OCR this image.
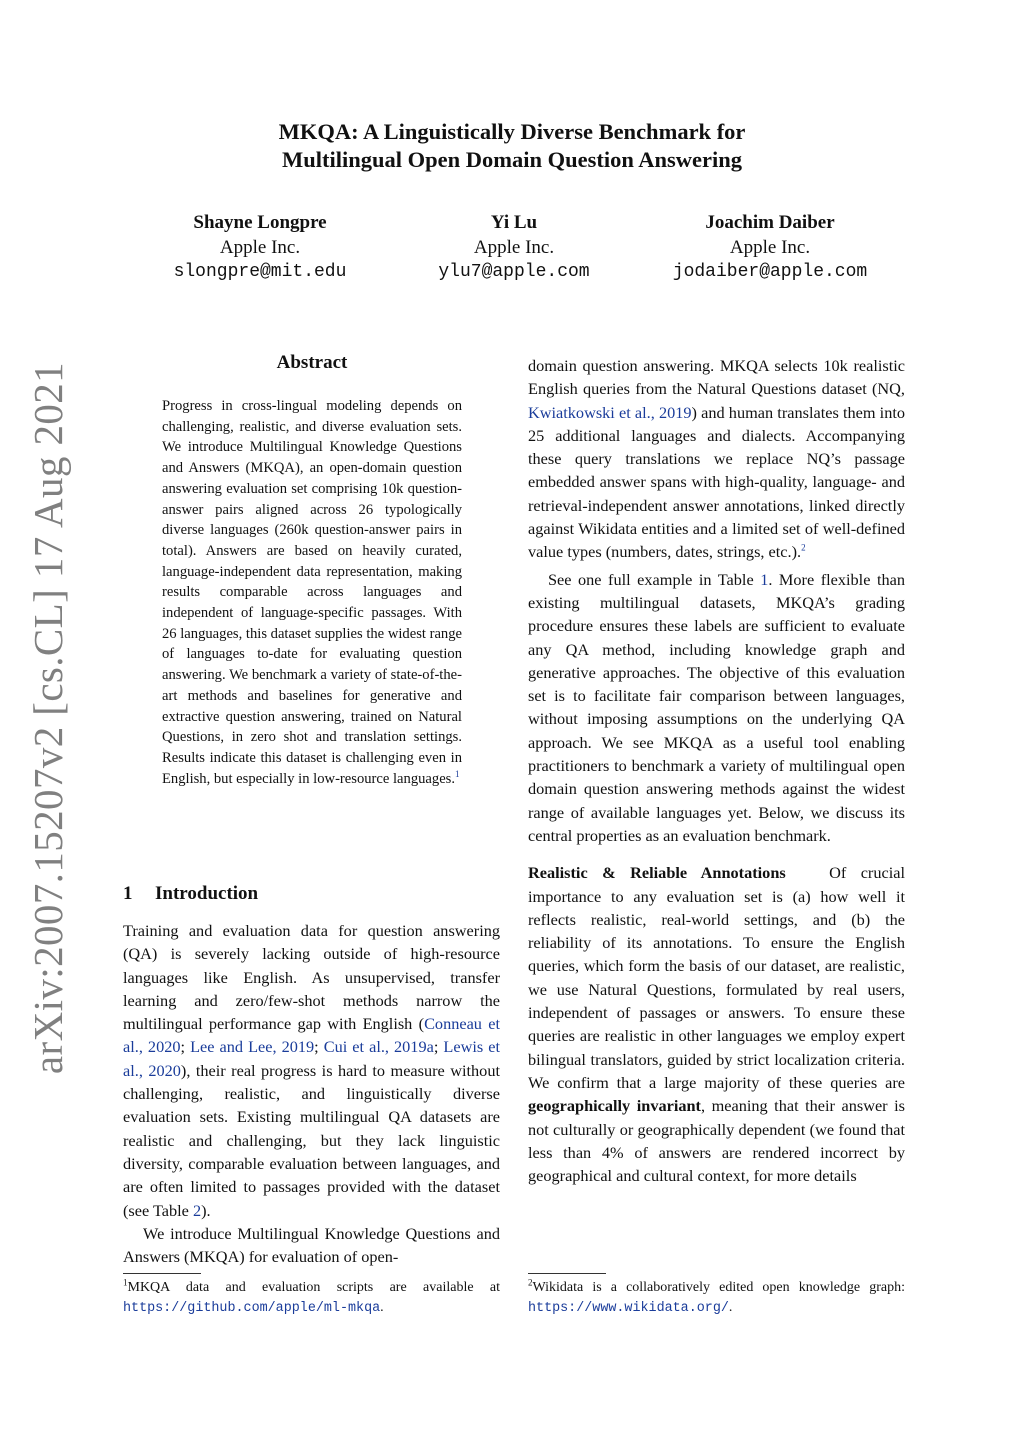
arXiv:2007.15207v2 [cs.CL] 17 Aug 2021
MKQA: A Linguistically Diverse Benchmark for
Multilingual Open Domain Question Answering
Shayne Longpre
Apple Inc.
slongpre@mit.edu
Yi Lu
Apple Inc.
ylu7@apple.com
Joachim Daiber
Apple Inc.
jodaiber@apple.com
Abstract
Progress in cross-lingual modeling depends on challenging, realistic, and diverse evaluation sets. We introduce Multilingual Knowledge Questions and Answers (MKQA), an open-domain question answering evaluation set comprising 10k question-answer pairs aligned across 26 typologically diverse languages (260k question-answer pairs in total). Answers are based on heavily curated, language-independent data representation, making results comparable across languages and independent of language-specific passages. With 26 languages, this dataset supplies the widest range of languages to-date for evaluating question answering. We benchmark a variety of state-of-the-art methods and baselines for generative and extractive question answering, trained on Natural Questions, in zero shot and translation settings. Results indicate this dataset is challenging even in English, but especially in low-resource languages.$^1$
1 Introduction

Training and evaluation data for question answering (QA) is severely lacking outside of high-resource languages like English. As unsupervised, transfer learning and zero/few-shot methods narrow the multilingual performance gap with English (Conneau et al., 2020; Lee and Lee, 2019; Cui et al., 2019a; Lewis et al., 2020), their real progress is hard to measure without challenging, realistic, and linguistically diverse evaluation sets. Existing multilingual QA datasets are realistic and challenging, but they lack linguistic diversity, comparable evaluation between languages, and are often limited to passages provided with the dataset (see Table 2).

We introduce Multilingual Knowledge Questions and Answers (MKQA) for evaluation of open-

domain question answering. MKQA selects 10k realistic English queries from the Natural Questions dataset (NQ, Kwiatkowski et al., 2019) and human translates them into 25 additional languages and dialects. Accompanying these query translations we replace NQ’s passage embedded answer spans with high-quality, language- and retrieval-independent answer annotations, linked directly against Wikidata entities and a limited set of well-defined value types (numbers, dates, strings, etc.).$^2$

See one full example in Table 1. More flexible than existing multilingual datasets, MKQA’s grading procedure ensures these labels are sufficient to evaluate any QA method, including knowledge graph and generative approaches. The objective of this evaluation set is to facilitate fair comparison between languages, without imposing assumptions on the underlying QA approach. We see MKQA as a useful tool enabling practitioners to benchmark a variety of multilingual open domain question answering methods against the widest range of available languages yet. Below, we discuss its central properties as an evaluation benchmark.

Realistic & Reliable Annotations	Of crucial importance to any evaluation set is (a) how well it reflects realistic, real-world settings, and (b) the reliability of its annotations. To ensure the English queries, which form the basis of our dataset, are realistic, we use Natural Questions, formulated by real users, independent of passages or answers. To ensure these queries are realistic in other languages we employ expert bilingual translators, guided by strict localization criteria. We confirm that a large majority of these queries are geographically invariant, meaning that their answer is not culturally or geographically dependent (we found that less than 4% of answers are rendered incorrect by geographical and cultural context, for more details

$^1$MKQA data and evaluation scripts are available at https://github.com/apple/ml-mkqa.
$^2$Wikidata is a collaboratively edited open knowledge graph: https://www.wikidata.org/.
